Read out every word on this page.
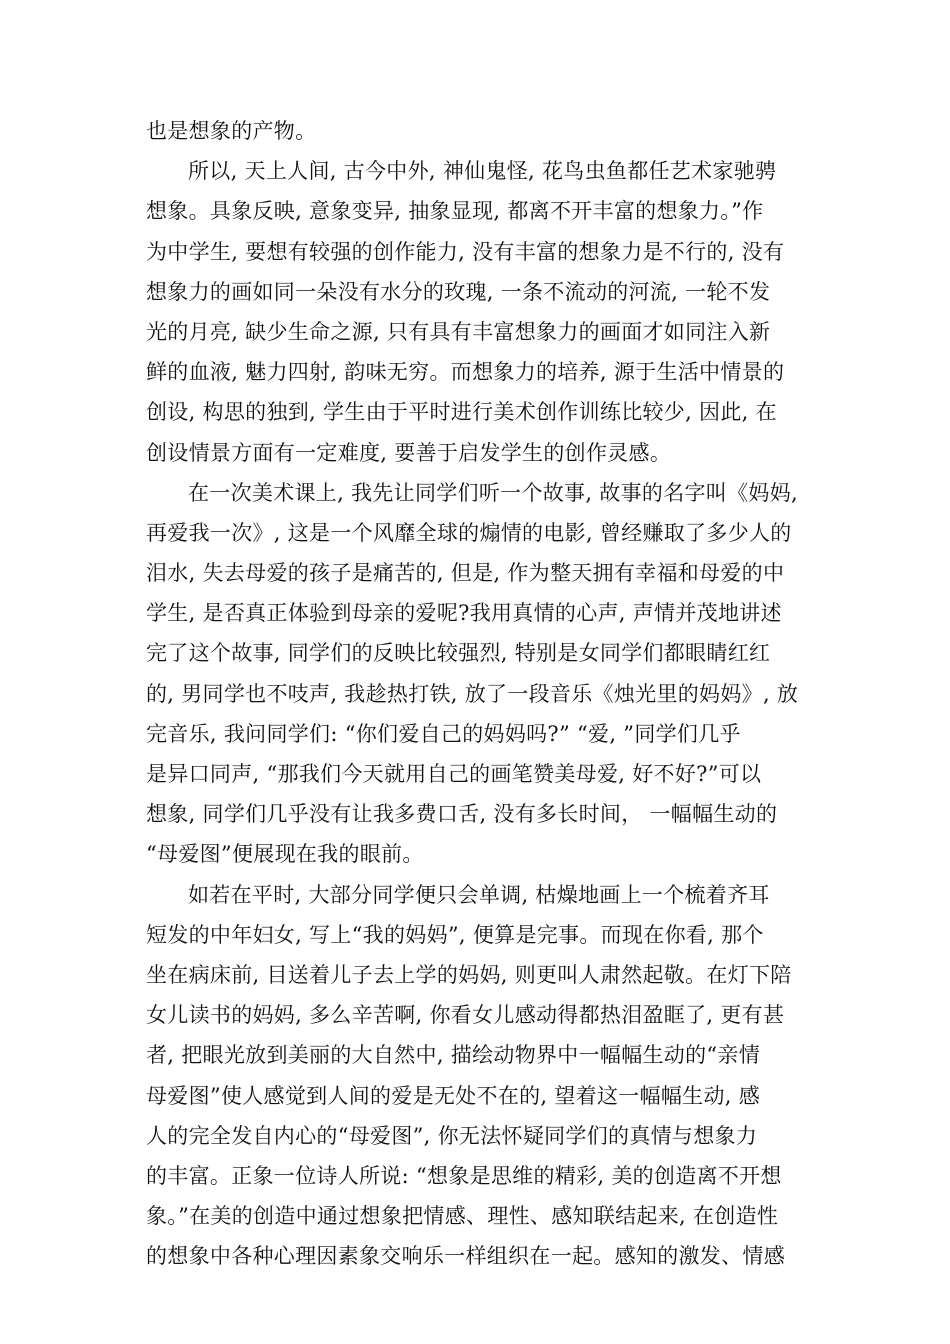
也是想象的产物。
所以, 天上人间, 古今中外, 神仙鬼怪, 花鸟虫鱼都任艺术家驰骋
想象。具象反映, 意象变异, 抽象显现, 都离不开丰富的想象力。”作
为中学生, 要想有较强的创作能力, 没有丰富的想象力是不行的, 没有
想象力的画如同一朵没有水分的玫瑰, 一条不流动的河流, 一轮不发
光的月亮, 缺少生命之源, 只有具有丰富想象力的画面才如同注入新
鲜的血液, 魅力四射, 韵味无穷。而想象力的培养, 源于生活中情景的
创设, 构思的独到, 学生由于平时进行美术创作训练比较少, 因此, 在
创设情景方面有一定难度, 要善于启发学生的创作灵感。
在一次美术课上, 我先让同学们听一个故事, 故事的名字叫《妈妈,
再爱我一次》, 这是一个风靡全球的煽情的电影, 曾经赚取了多少人的
泪水, 失去母爱的孩子是痛苦的, 但是, 作为整天拥有幸福和母爱的中
学生, 是否真正体验到母亲的爱呢?我用真情的心声, 声情并茂地讲述
完了这个故事, 同学们的反映比较强烈, 特别是女同学们都眼睛红红
的, 男同学也不吱声, 我趁热打铁, 放了一段音乐《烛光里的妈妈》, 放
完音乐, 我问同学们: “你们爱自己的妈妈吗?” “爱, ”同学们几乎
是异口同声, “那我们今天就用自己的画笔赞美母爱, 好不好?”可以
想象, 同学们几乎没有让我多费口舌, 没有多长时间， 一幅幅生动的
“母爱图”便展现在我的眼前。
如若在平时, 大部分同学便只会单调, 枯燥地画上一个梳着齐耳
短发的中年妇女, 写上“我的妈妈”, 便算是完事。而现在你看, 那个
坐在病床前, 目送着儿子去上学的妈妈, 则更叫人肃然起敬。在灯下陪
女儿读书的妈妈, 多么辛苦啊, 你看女儿感动得都热泪盈眶了, 更有甚
者, 把眼光放到美丽的大自然中, 描绘动物界中一幅幅生动的“亲情
母爱图”使人感觉到人间的爱是无处不在的, 望着这一幅幅生动, 感
人的完全发自内心的“母爱图”, 你无法怀疑同学们的真情与想象力
的丰富。正象一位诗人所说: “想象是思维的精彩, 美的创造离不开想
象。”在美的创造中通过想象把情感、理性、感知联结起来, 在创造性
的想象中各种心理因素象交响乐一样组织在一起。感知的激发、情感
